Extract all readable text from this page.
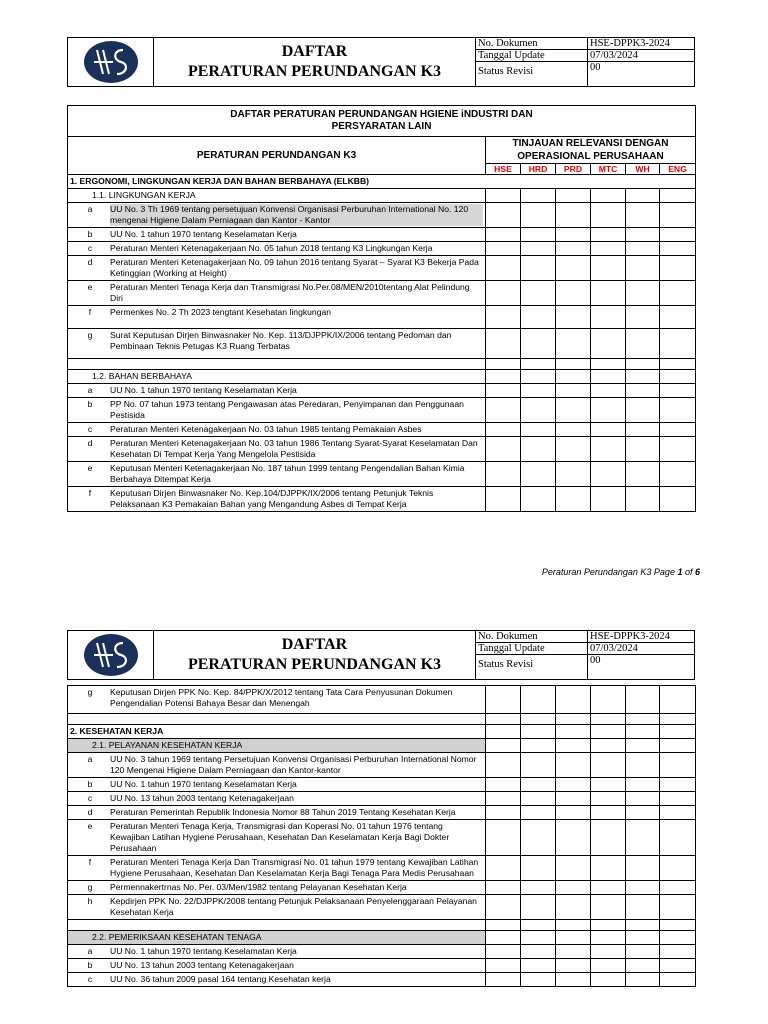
DAFTAR
PERATURAN PERUNDANGAN K3
No. Dokumen	HSE-DPPK3-2024
Tanggal Update	07/03/2024
Status Revisi	00
DAFTAR PERATURAN PERUNDANGAN HGIENE iNDUSTRI DAN
PERSYARATAN LAIN						

PERATURAN PERUNDANGAN K3	TINJAUAN RELEVANSI DENGAN
OPERASIONAL PERUSAHAAN					

	HSE	HRD	PRD	MTC	WH	ENG
1. ERGONOMI, LINGKUNGAN KERJA DAN BAHAN BERBAHAYA (ELKBB)						
1.1. LINGKUNGAN KERJA						

a UU No. 3 Th 1969 tentang persetujuan Konvensi Organisasi Perburuhan International No. 120 mengenai Higiene Dalam Perniagaan dan Kantor - Kantor						

b UU No. 1 tahun 1970 tentang Keselamatan Kerja						

c Peraturan Menteri Ketenagakerjaan No. 05 tahun 2018 tentang K3 Lingkungan Kerja						

d Peraturan Menteri Ketenagakerjaan No. 09 tahun 2016 tentang Syarat – Syarat K3 Bekerja Pada Ketinggian (Working at Height)						

e Peraturan Menteri Tenaga Kerja dan Transmigrasi No.Per.08/MEN/2010tentang Alat Pelindung Diri						

f Permenkes No. 2 Th 2023 tengtant Kesehatan lingkungan						

g Surat Keputusan Dirjen Binwasnaker No. Kep. 113/DJPPK/IX/2006 tentang Pedoman dan Pembinaan Teknis Petugas K3 Ruang Terbatas						

1.2. BAHAN BERBAHAYA						

a UU No. 1 tahun 1970 tentang Keselamatan Kerja						

b PP No. 07 tahun 1973 tentang Pengawasan atas Peredaran, Penyimpanan dan Penggunaan Pestisida						

c Peraturan Menteri Ketenagakerjaan No. 03 tahun 1985 tentang Pemakaian Asbes						

d Peraturan Menteri Ketenagakerjaan No. 03 tahun 1986 Tentang Syarat-Syarat Keselamatan Dan Kesehatan Di Tempat Kerja Yang Mengelola Pestisida						

e Keputusan Menteri Ketenagakerjaan No. 187 tahun 1999 tentang Pengendalian Bahan Kimia Berbahaya Ditempat Kerja						

f Keputusan Dirjen Binwasnaker No. Kep.104/DJPPK/IX/2006 tentang Petunjuk Teknis Pelaksanaan K3 Pemakaian Bahan yang Mengandung Asbes di Tempat Kerja						

Peraturan Perundangan K3 Page 1 of 6
DAFTAR
PERATURAN PERUNDANGAN K3
No. Dokumen	HSE-DPPK3-2024
Tanggal Update	07/03/2024
Status Revisi	00
g Keputusan Dirjen PPK No. Kep. 84/PPK/X/2012 tentang Tata Cara Penyusunan Dokumen Pengendalian Potensi Bahaya Besar dan Menengah						

2. KESEHATAN KERJA						
2.1. PELAYANAN KESEHATAN KERJA						

a UU No. 3 tahun 1969 tentang Persetujuan Konvensi Organisasi Perburuhan International Nomor 120 Mengenai Higiene Dalam Perniagaan dan Kantor-kantor						

b UU No. 1 tahun 1970 tentang Keselamatan Kerja						

c UU No. 13 tahun 2003 tentang Ketenagakerjaan						

d Peraturan Pemerintah Republik Indonesia Nomor 88 Tahun 2019 Tentang Kesehatan Kerja						

e Peraturan Menteri Tenaga Kerja, Transmigrasi dan Koperasi No. 01 tahun 1976 tentang Kewajiban Latihan Hygiene Perusahaan, Kesehatan Dan Keselamatan Kerja Bagi Dokter Perusahaan						

f Peraturan Menteri Tenaga Kerja Dan Transmigrasi No. 01 tahun 1979 tentang Kewajiban Latihan Hygiene Perusahaan, Kesehatan Dan Keselamatan Kerja Bagi Tenaga Para Medis Perusahaan						

g Permennakertrnas No. Per. 03/Men/1982 tentang Pelayanan Kesehatan Kerja						

h Kepdirjen PPK No. 22/DJPPK/2008 tentang Petunjuk Pelaksanaan Penyelenggaraan Pelayanan Kesehatan Kerja						

2.2. PEMERIKSAAN KESEHATAN TENAGA						

a UU No. 1 tahun 1970 tentang Keselamatan Kerja						

b UU No. 13 tahun 2003 tentang Ketenagakerjaan						

c UU No. 36 tahun 2009 pasal 164 tentang Kesehatan kerja						
